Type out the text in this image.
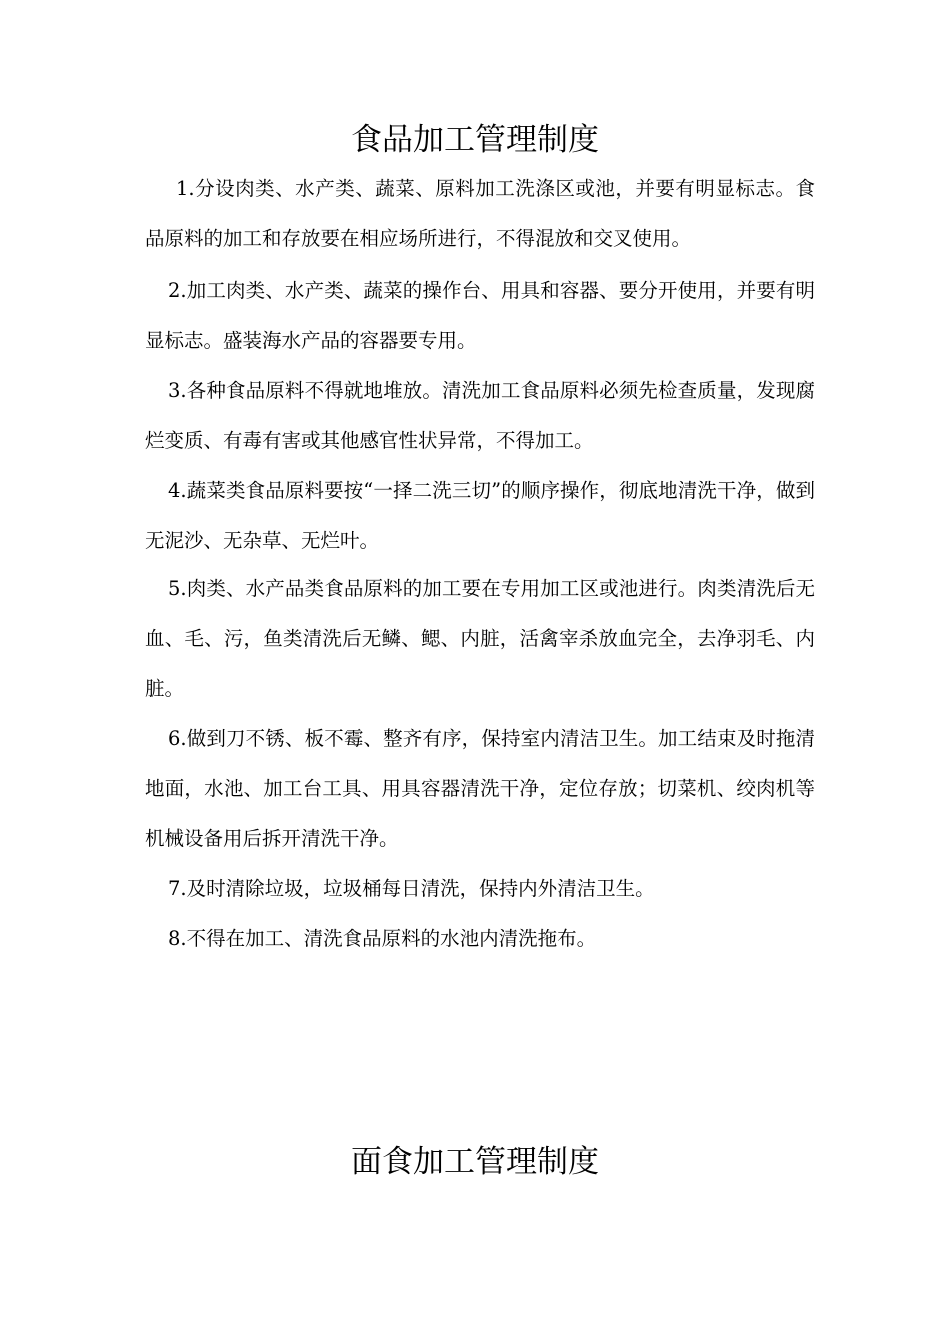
食品加工管理制度

1.分设肉类、水产类、蔬菜、原料加工洗涤区或池，并要有明显标志。食品原料的加工和存放要在相应场所进行，不得混放和交叉使用。

2.加工肉类、水产类、蔬菜的操作台、用具和容器、要分开使用，并要有明显标志。盛装海水产品的容器要专用。

3.各种食品原料不得就地堆放。清洗加工食品原料必须先检查质量，发现腐烂变质、有毒有害或其他感官性状异常，不得加工。

4.蔬菜类食品原料要按“一择二洗三切”的顺序操作，彻底地清洗干净，做到无泥沙、无杂草、无烂叶。

5.肉类、水产品类食品原料的加工要在专用加工区或池进行。肉类清洗后无血、毛、污，鱼类清洗后无鳞、鳃、内脏，活禽宰杀放血完全，去净羽毛、内脏。

6.做到刀不锈、板不霉、整齐有序，保持室内清洁卫生。加工结束及时拖清地面，水池、加工台工具、用具容器清洗干净，定位存放；切菜机、绞肉机等机械设备用后拆开清洗干净。

7.及时清除垃圾，垃圾桶每日清洗，保持内外清洁卫生。

8.不得在加工、清洗食品原料的水池内清洗拖布。

面食加工管理制度
